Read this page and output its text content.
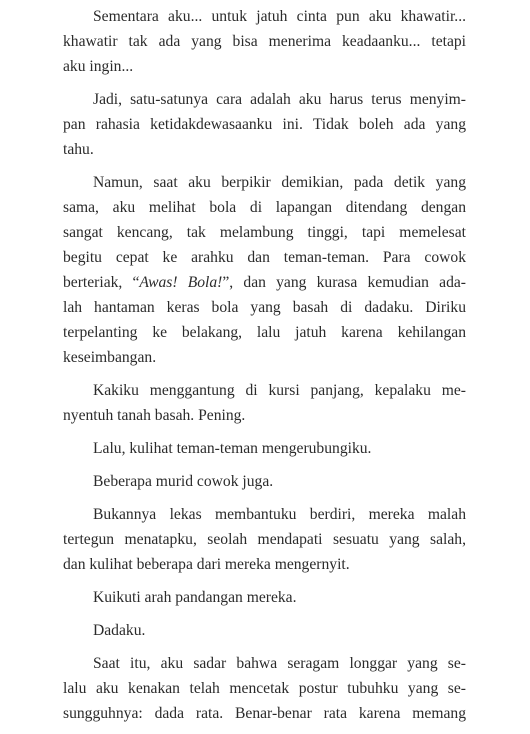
Sementara aku... untuk jatuh cinta pun aku khawatir...
khawatir tak ada yang bisa menerima keadaanku... tetapi
aku ingin...

Jadi, satu-satunya cara adalah aku harus terus menyim-
pan rahasia ketidakdewasaanku ini. Tidak boleh ada yang
tahu.

Namun, saat aku berpikir demikian, pada detik yang
sama, aku melihat bola di lapangan ditendang dengan
sangat kencang, tak melambung tinggi, tapi memelesat
begitu cepat ke arahku dan teman-teman. Para cowok
berteriak, “Awas! Bola!”, dan yang kurasa kemudian ada-
lah hantaman keras bola yang basah di dadaku. Diriku
terpelanting ke belakang, lalu jatuh karena kehilangan
keseimbangan.

Kakiku menggantung di kursi panjang, kepalaku me-
nyentuh tanah basah. Pening.

Lalu, kulihat teman-teman mengerubungiku.

Beberapa murid cowok juga.

Bukannya lekas membantuku berdiri, mereka malah
tertegun menatapku, seolah mendapati sesuatu yang salah,
dan kulihat beberapa dari mereka mengernyit.

Kuikuti arah pandangan mereka.

Dadaku.

Saat itu, aku sadar bahwa seragam longgar yang se-
lalu aku kenakan telah mencetak postur tubuhku yang se-
sungguhnya: dada rata. Benar-benar rata karena memang
